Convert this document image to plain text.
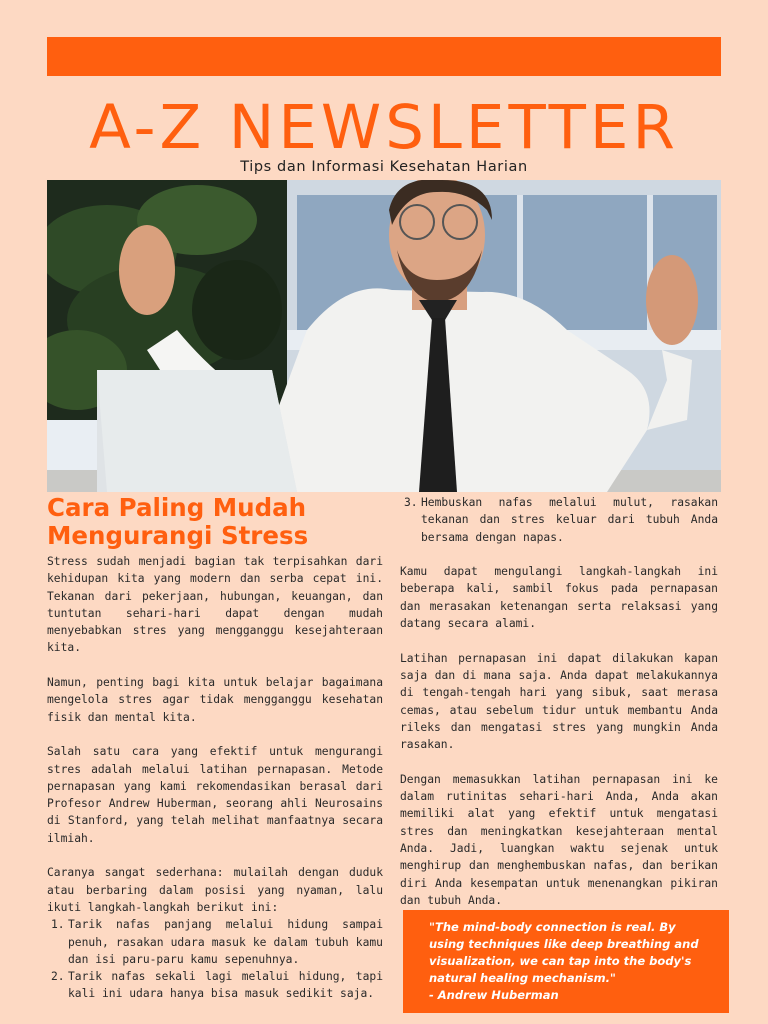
A-Z NEWSLETTER
Tips dan Informasi Kesehatan Harian
Cara Paling Mudah Mengurangi Stress

Stress sudah menjadi bagian tak terpisahkan dari kehidupan kita yang modern dan serba cepat ini. Tekanan dari pekerjaan, hubungan, keuangan, dan tuntutan sehari-hari dapat dengan mudah menyebabkan stres yang mengganggu kesejahteraan kita.

Namun, penting bagi kita untuk belajar bagaimana mengelola stres agar tidak mengganggu kesehatan fisik dan mental kita.

Salah satu cara yang efektif untuk mengurangi stres adalah melalui latihan pernapasan. Metode pernapasan yang kami rekomendasikan berasal dari Profesor Andrew Huberman, seorang ahli Neurosains di Stanford, yang telah melihat manfaatnya secara ilmiah.

Caranya sangat sederhana: mulailah dengan duduk atau berbaring dalam posisi yang nyaman, lalu ikuti langkah-langkah berikut ini:

1. Tarik nafas panjang melalui hidung sampai penuh, rasakan udara masuk ke dalam tubuh kamu dan isi paru-paru kamu sepenuhnya.
2. Tarik nafas sekali lagi melalui hidung, tapi kali ini udara hanya bisa masuk sedikit saja.
3. Hembuskan nafas melalui mulut, rasakan tekanan dan stres keluar dari tubuh Anda bersama dengan napas.

Kamu dapat mengulangi langkah-langkah ini beberapa kali, sambil fokus pada pernapasan dan merasakan ketenangan serta relaksasi yang datang secara alami.

Latihan pernapasan ini dapat dilakukan kapan saja dan di mana saja. Anda dapat melakukannya di tengah-tengah hari yang sibuk, saat merasa cemas, atau sebelum tidur untuk membantu Anda rileks dan mengatasi stres yang mungkin Anda rasakan.

Dengan memasukkan latihan pernapasan ini ke dalam rutinitas sehari-hari Anda, Anda akan memiliki alat yang efektif untuk mengatasi stres dan meningkatkan kesejahteraan mental Anda. Jadi, luangkan waktu sejenak untuk menghirup dan menghembuskan nafas, dan berikan diri Anda kesempatan untuk menenangkan pikiran dan tubuh Anda.

"The mind-body connection is real. By using techniques like deep breathing and visualization, we can tap into the body's natural healing mechanism."
- Andrew Huberman
